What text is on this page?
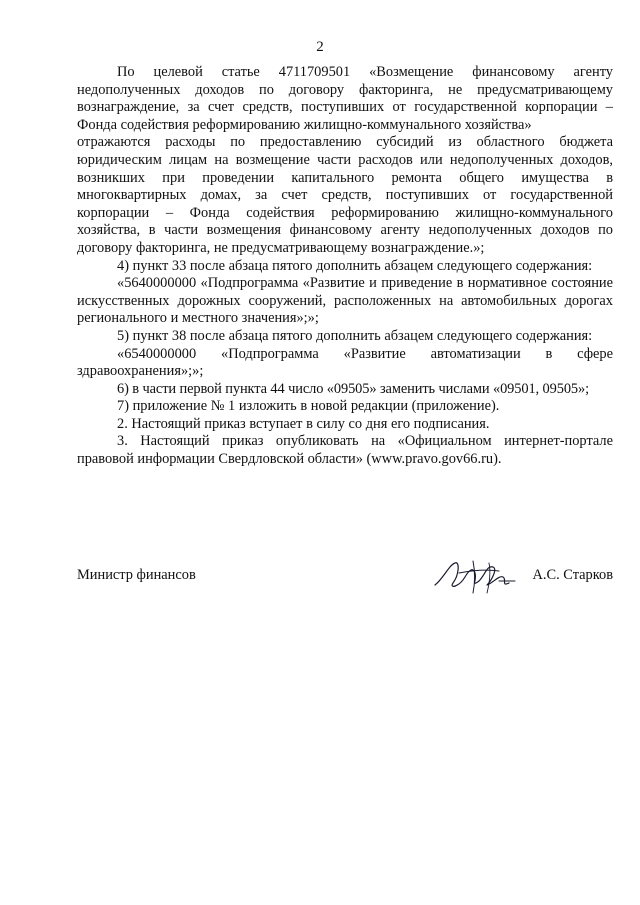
2

По целевой статье 4711709501 «Возмещение финансовому агенту недополученных доходов по договору факторинга, не предусматривающему вознаграждение, за счет средств, поступивших от государственной корпорации – Фонда содействия реформированию жилищно-коммунального хозяйства»

отражаются расходы по предоставлению субсидий из областного бюджета юридическим лицам на возмещение части расходов или недополученных доходов, возникших при проведении капитального ремонта общего имущества в многоквартирных домах, за счет средств, поступивших от государственной корпорации – Фонда содействия реформированию жилищно-коммунального хозяйства, в части возмещения финансовому агенту недополученных доходов по договору факторинга, не предусматривающему вознаграждение.»;

4) пункт 33 после абзаца пятого дополнить абзацем следующего содержания:

«5640000000 «Подпрограмма «Развитие и приведение в нормативное состояние искусственных дорожных сооружений, расположенных на автомобильных дорогах регионального и местного значения»;»;

5) пункт 38 после абзаца пятого дополнить абзацем следующего содержания:

«6540000000 «Подпрограмма «Развитие автоматизации в сфере здравоохранения»;»;

6) в части первой пункта 44 число «09505» заменить числами «09501, 09505»;

7) приложение № 1 изложить в новой редакции (приложение).

2. Настоящий приказ вступает в силу со дня его подписания.

3. Настоящий приказ опубликовать на «Официальном интернет-портале правовой информации Свердловской области» (www.pravo.gov66.ru).

Министр финансов	А.С. Старков
